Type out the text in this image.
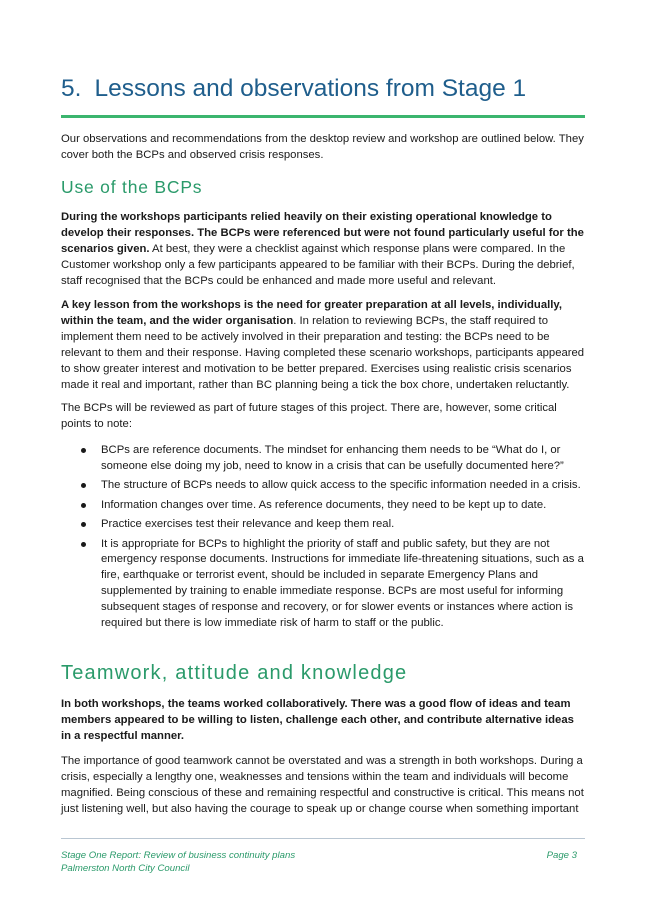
5. Lessons and observations from Stage 1

Our observations and recommendations from the desktop review and workshop are outlined below. They cover both the BCPs and observed crisis responses.

Use of the BCPs

During the workshops participants relied heavily on their existing operational knowledge to develop their responses. The BCPs were referenced but were not found particularly useful for the scenarios given. At best, they were a checklist against which response plans were compared. In the Customer workshop only a few participants appeared to be familiar with their BCPs. During the debrief, staff recognised that the BCPs could be enhanced and made more useful and relevant.

A key lesson from the workshops is the need for greater preparation at all levels, individually, within the team, and the wider organisation. In relation to reviewing BCPs, the staff required to implement them need to be actively involved in their preparation and testing: the BCPs need to be relevant to them and their response. Having completed these scenario workshops, participants appeared to show greater interest and motivation to be better prepared. Exercises using realistic crisis scenarios made it real and important, rather than BC planning being a tick the box chore, undertaken reluctantly.

The BCPs will be reviewed as part of future stages of this project. There are, however, some critical points to note:

BCPs are reference documents. The mindset for enhancing them needs to be “What do I, or someone else doing my job, need to know in a crisis that can be usefully documented here?”
The structure of BCPs needs to allow quick access to the specific information needed in a crisis.
Information changes over time. As reference documents, they need to be kept up to date.
Practice exercises test their relevance and keep them real.
It is appropriate for BCPs to highlight the priority of staff and public safety, but they are not emergency response documents. Instructions for immediate life-threatening situations, such as a fire, earthquake or terrorist event, should be included in separate Emergency Plans and supplemented by training to enable immediate response. BCPs are most useful for informing subsequent stages of response and recovery, or for slower events or instances where action is required but there is low immediate risk of harm to staff or the public.
Teamwork, attitude and knowledge

In both workshops, the teams worked collaboratively. There was a good flow of ideas and team members appeared to be willing to listen, challenge each other, and contribute alternative ideas in a respectful manner.

The importance of good teamwork cannot be overstated and was a strength in both workshops. During a crisis, especially a lengthy one, weaknesses and tensions within the team and individuals will become magnified. Being conscious of these and remaining respectful and constructive is critical. This means not just listening well, but also having the courage to speak up or change course when something important

Stage One Report: Review of business continuity plans
Palmerston North City Council
Page 3
